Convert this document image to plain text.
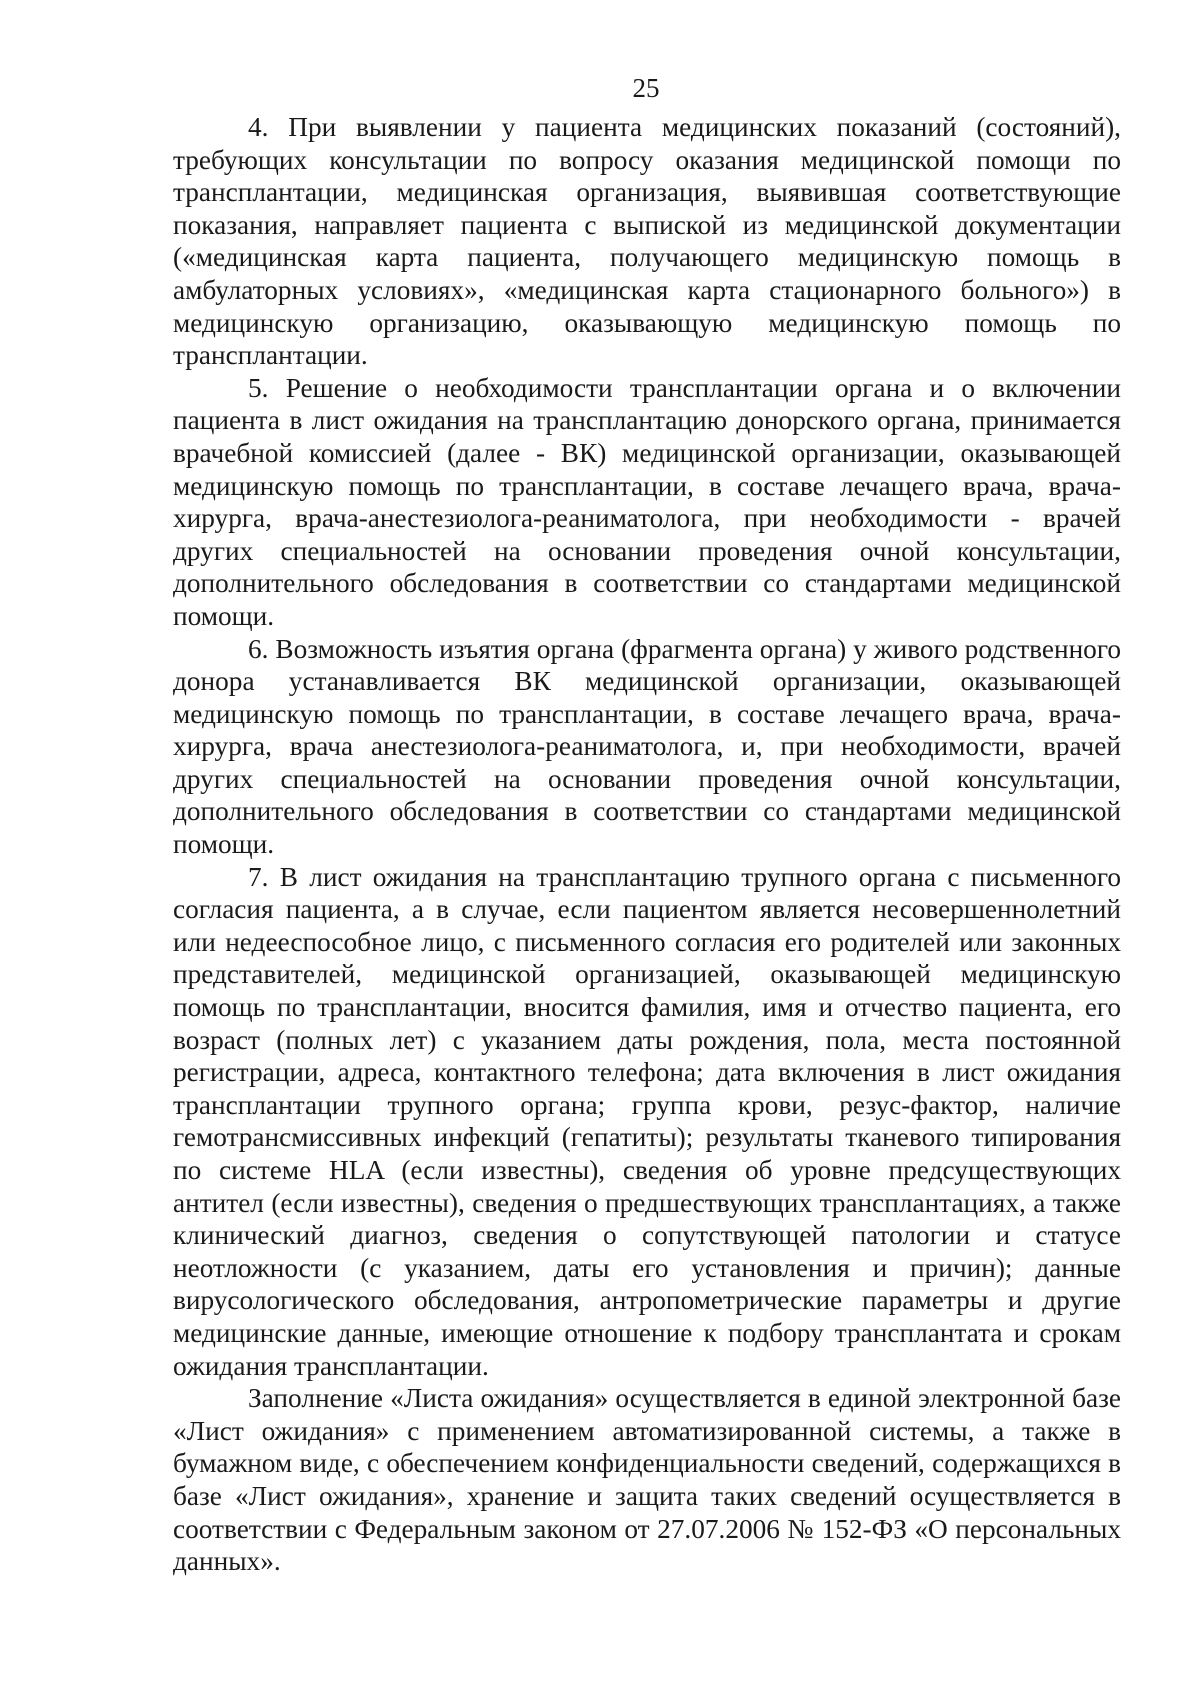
25

4. При выявлении у пациента медицинских показаний (состояний), требующих консультации по вопросу оказания медицинской помощи по трансплантации, медицинская организация, выявившая соответствующие показания, направляет пациента с выпиской из медицинской документации («медицинская карта пациента, получающего медицинскую помощь в амбулаторных условиях», «медицинская карта стационарного больного») в медицинскую организацию, оказывающую медицинскую помощь по трансплантации.

5. Решение о необходимости трансплантации органа и о включении пациента в лист ожидания на трансплантацию донорского органа, принимается врачебной комиссией (далее - ВК) медицинской организации, оказывающей медицинскую помощь по трансплантации, в составе лечащего врача, врача-хирурга, врача-анестезиолога-реаниматолога, при необходимости - врачей других специальностей на основании проведения очной консультации, дополнительного обследования в соответствии со стандартами медицинской помощи.

6. Возможность изъятия органа (фрагмента органа) у живого родственного донора устанавливается ВК медицинской организации, оказывающей медицинскую помощь по трансплантации, в составе лечащего врача, врача-хирурга, врача анестезиолога-реаниматолога, и, при необходимости, врачей других специальностей на основании проведения очной консультации, дополнительного обследования в соответствии со стандартами медицинской помощи.

7. В лист ожидания на трансплантацию трупного органа с письменного согласия пациента, а в случае, если пациентом является несовершеннолетний или недееспособное лицо, с письменного согласия его родителей или законных представителей, медицинской организацией, оказывающей медицинскую помощь по трансплантации, вносится фамилия, имя и отчество пациента, его возраст (полных лет) с указанием даты рождения, пола, места постоянной регистрации, адреса, контактного телефона; дата включения в лист ожидания трансплантации трупного органа; группа крови, резус-фактор, наличие гемотрансмиссивных инфекций (гепатиты); результаты тканевого типирования по системе HLA (если известны), сведения об уровне предсуществующих антител (если известны), сведения о предшествующих трансплантациях, а также клинический диагноз, сведения о сопутствующей патологии и статусе неотложности (с указанием, даты его установления и причин); данные вирусологического обследования, антропометрические параметры и другие медицинские данные, имеющие отношение к подбору трансплантата и срокам ожидания трансплантации.

Заполнение «Листа ожидания» осуществляется в единой электронной базе «Лист ожидания» с применением автоматизированной системы, а также в бумажном виде, с обеспечением конфиденциальности сведений, содержащихся в базе «Лист ожидания», хранение и защита таких сведений осуществляется в соответствии с Федеральным законом от 27.07.2006 № 152-ФЗ «О персональных данных».
